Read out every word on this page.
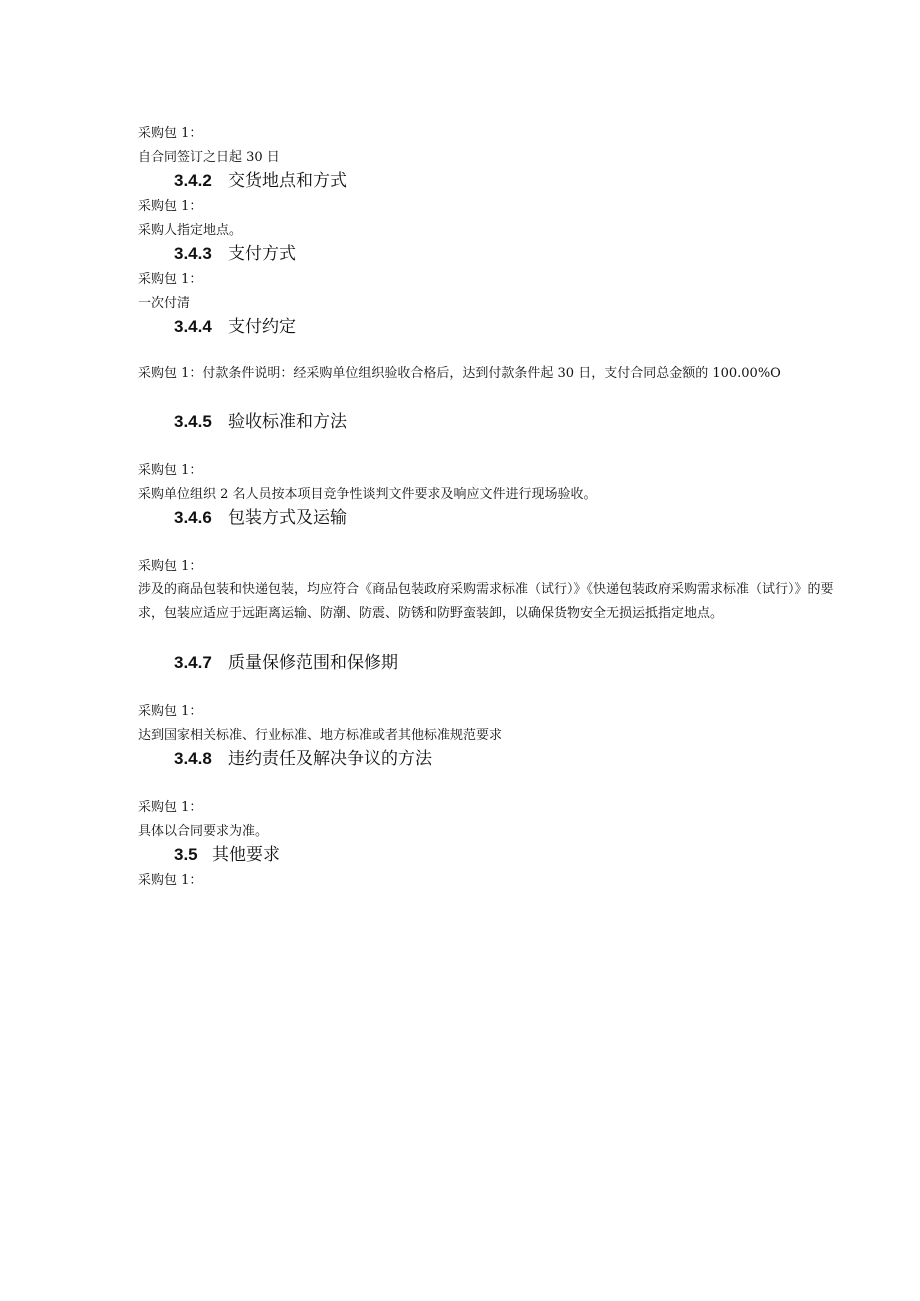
采购包 1：
自合同签订之日起 30 日
3.4.2 交货地点和方式
采购包 1：
采购人指定地点。
3.4.3 支付方式
采购包 1：
一次付清
3.4.4 支付约定
采购包 1：付款条件说明：经采购单位组织验收合格后，达到付款条件起 30 日，支付合同总金额的 100.00%O
3.4.5 验收标准和方法
采购包 1：
采购单位组织 2 名人员按本项目竞争性谈判文件要求及响应文件进行现场验收。
3.4.6 包装方式及运输
采购包 1：
涉及的商品包装和快递包装，均应符合《商品包装政府采购需求标准（试行）》《快递包装政府采购需求标准（试行）》的要求，包装应适应于远距离运输、防潮、防震、防锈和防野蛮装卸，以确保货物安全无损运抵指定地点。
3.4.7 质量保修范围和保修期
采购包 1：
达到国家相关标准、行业标准、地方标准或者其他标准规范要求
3.4.8 违约责任及解决争议的方法
采购包 1：
具体以合同要求为准。
3.5 其他要求
采购包 1：
